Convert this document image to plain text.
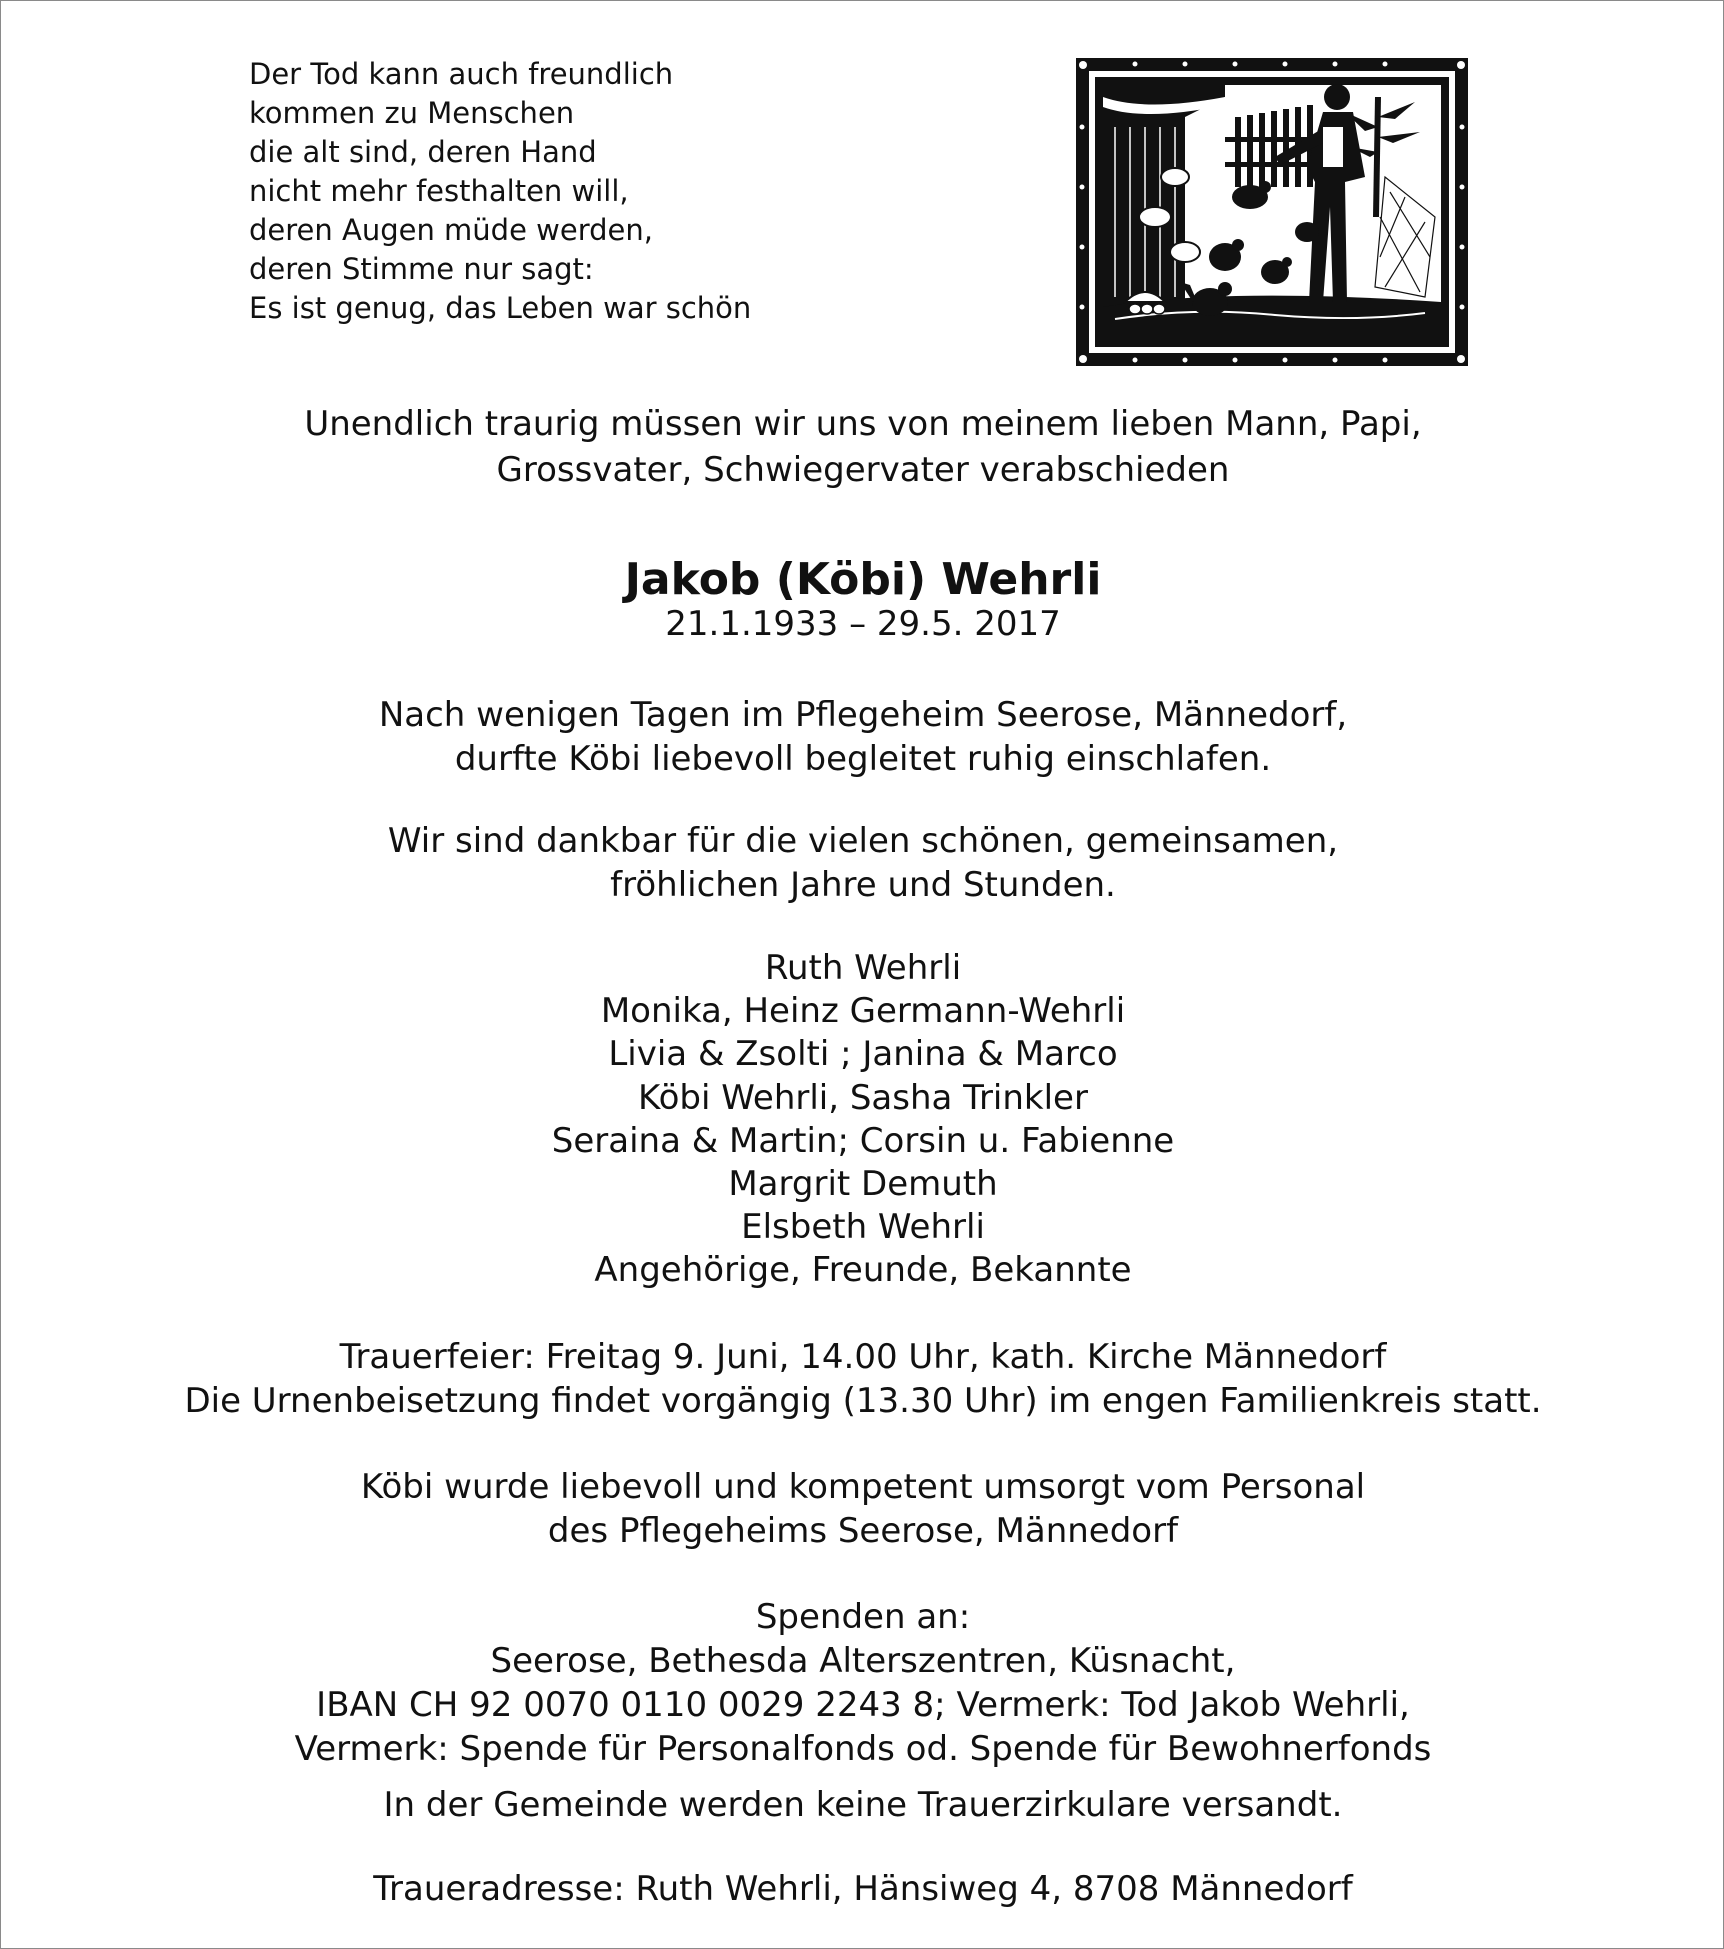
Der Tod kann auch freundlich
kommen zu Menschen
die alt sind, deren Hand
nicht mehr festhalten will,
deren Augen müde werden,
deren Stimme nur sagt:
Es ist genug, das Leben war schön
Unendlich traurig müssen wir uns von meinem lieben Mann, Papi,
Grossvater, Schwiegervater verabschieden
Jakob (Köbi) Wehrli
21.1.1933 – 29.5. 2017
Nach wenigen Tagen im Pflegeheim Seerose, Männedorf,
durfte Köbi liebevoll begleitet ruhig einschlafen.
Wir sind dankbar für die vielen schönen, gemeinsamen,
fröhlichen Jahre und Stunden.
Ruth Wehrli
Monika, Heinz Germann-Wehrli
Livia & Zsolti ; Janina & Marco
Köbi Wehrli, Sasha Trinkler
Seraina & Martin; Corsin u. Fabienne
Margrit Demuth
Elsbeth Wehrli
Angehörige, Freunde, Bekannte
Trauerfeier: Freitag 9. Juni, 14.00 Uhr, kath. Kirche Männedorf
Die Urnenbeisetzung findet vorgängig (13.30 Uhr) im engen Familienkreis statt.
Köbi wurde liebevoll und kompetent umsorgt vom Personal
des Pflegeheims Seerose, Männedorf
Spenden an:
Seerose, Bethesda Alterszentren, Küsnacht,
IBAN CH 92 0070 0110 0029 2243 8; Vermerk: Tod Jakob Wehrli,
Vermerk: Spende für Personalfonds od. Spende für Bewohnerfonds
In der Gemeinde werden keine Trauerzirkulare versandt.
Traueradresse: Ruth Wehrli, Hänsiweg 4, 8708 Männedorf
